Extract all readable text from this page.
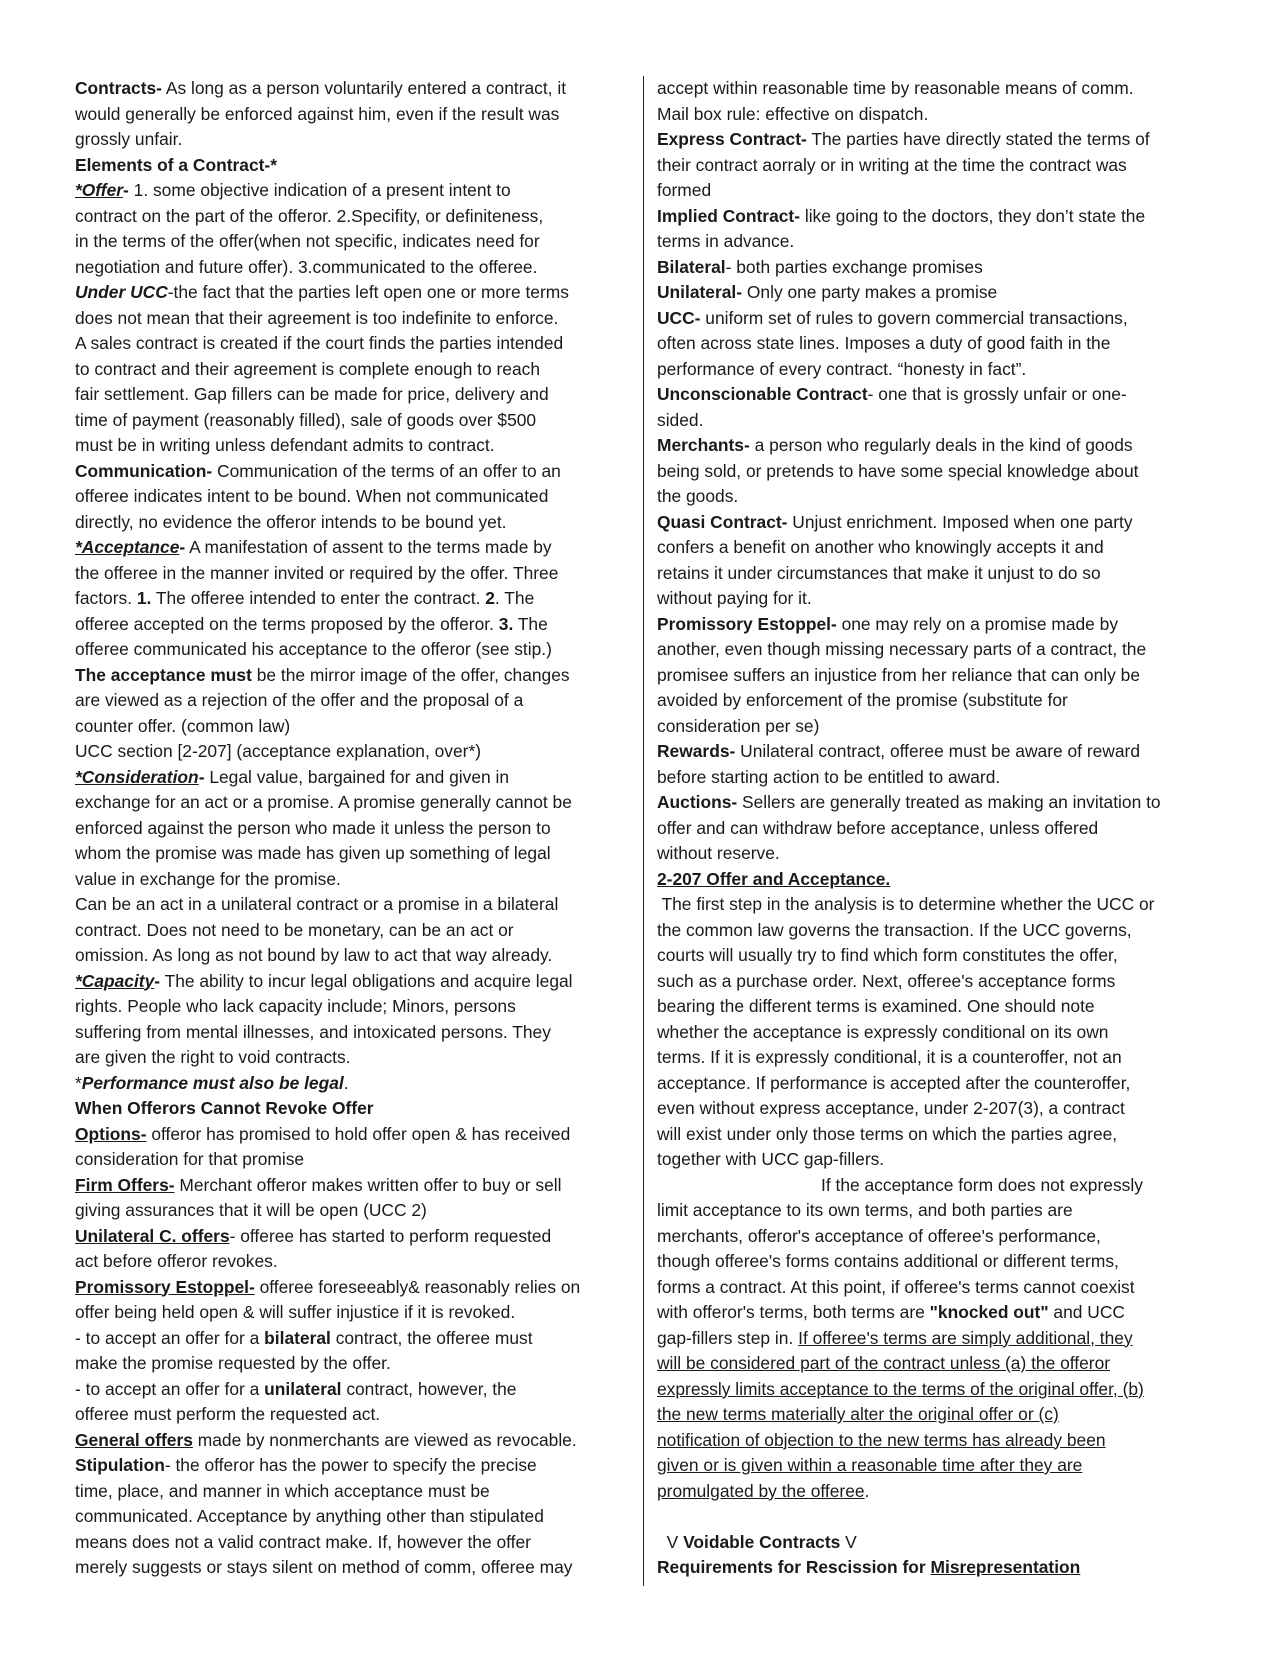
Contracts- As long as a person voluntarily entered a contract, it
would generally be enforced against him, even if the result was
grossly unfair.
Elements of a Contract-*
*Offer- 1. some objective indication of a present intent to
contract on the part of the offeror. 2.Specifity, or definiteness,
in the terms of the offer(when not specific, indicates need for
negotiation and future offer). 3.communicated to the offeree.
Under UCC-the fact that the parties left open one or more terms
does not mean that their agreement is too indefinite to enforce.
A sales contract is created if the court finds the parties intended
to contract and their agreement is complete enough to reach
fair settlement. Gap fillers can be made for price, delivery and
time of payment (reasonably filled), sale of goods over $500
must be in writing unless defendant admits to contract.
Communication- Communication of the terms of an offer to an
offeree indicates intent to be bound. When not communicated
directly, no evidence the offeror intends to be bound yet.
*Acceptance- A manifestation of assent to the terms made by
the offeree in the manner invited or required by the offer. Three
factors. 1. The offeree intended to enter the contract. 2. The
offeree accepted on the terms proposed by the offeror. 3. The
offeree communicated his acceptance to the offeror (see stip.)
The acceptance must be the mirror image of the offer, changes
are viewed as a rejection of the offer and the proposal of a
counter offer. (common law)
UCC section [2-207] (acceptance explanation, over*)
*Consideration- Legal value, bargained for and given in
exchange for an act or a promise. A promise generally cannot be
enforced against the person who made it unless the person to
whom the promise was made has given up something of legal
value in exchange for the promise.
Can be an act in a unilateral contract or a promise in a bilateral
contract. Does not need to be monetary, can be an act or
omission. As long as not bound by law to act that way already.
*Capacity- The ability to incur legal obligations and acquire legal
rights. People who lack capacity include; Minors, persons
suffering from mental illnesses, and intoxicated persons. They
are given the right to void contracts.
*Performance must also be legal.
When Offerors Cannot Revoke Offer
Options- offeror has promised to hold offer open & has received
consideration for that promise
Firm Offers- Merchant offeror makes written offer to buy or sell
giving assurances that it will be open (UCC 2)
Unilateral C. offers- offeree has started to perform requested
act before offeror revokes.
Promissory Estoppel- offeree foreseeably& reasonably relies on
offer being held open & will suffer injustice if it is revoked.
- to accept an offer for a bilateral contract, the offeree must
make the promise requested by the offer.
- to accept an offer for a unilateral contract, however, the
offeree must perform the requested act.
General offers made by nonmerchants are viewed as revocable.
Stipulation- the offeror has the power to specify the precise
time, place, and manner in which acceptance must be
communicated. Acceptance by anything other than stipulated
means does not a valid contract make. If, however the offer
merely suggests or stays silent on method of comm, offeree may
accept within reasonable time by reasonable means of comm.
Mail box rule: effective on dispatch.
Express Contract- The parties have directly stated the terms of
their contract aorraly or in writing at the time the contract was
formed
Implied Contract- like going to the doctors, they don’t state the
terms in advance.
Bilateral- both parties exchange promises
Unilateral- Only one party makes a promise
UCC- uniform set of rules to govern commercial transactions,
often across state lines. Imposes a duty of good faith in the
performance of every contract. “honesty in fact”.
Unconscionable Contract- one that is grossly unfair or one-
sided.
Merchants- a person who regularly deals in the kind of goods
being sold, or pretends to have some special knowledge about
the goods.
Quasi Contract- Unjust enrichment. Imposed when one party
confers a benefit on another who knowingly accepts it and
retains it under circumstances that make it unjust to do so
without paying for it.
Promissory Estoppel- one may rely on a promise made by
another, even though missing necessary parts of a contract, the
promisee suffers an injustice from her reliance that can only be
avoided by enforcement of the promise (substitute for
consideration per se)
Rewards- Unilateral contract, offeree must be aware of reward
before starting action to be entitled to award.
Auctions- Sellers are generally treated as making an invitation to
offer and can withdraw before acceptance, unless offered
without reserve.
2-207 Offer and Acceptance.
The first step in the analysis is to determine whether the UCC or
the common law governs the transaction. If the UCC governs,
courts will usually try to find which form constitutes the offer,
such as a purchase order. Next, offeree's acceptance forms
bearing the different terms is examined. One should note
whether the acceptance is expressly conditional on its own
terms. If it is expressly conditional, it is a counteroffer, not an
acceptance. If performance is accepted after the counteroffer,
even without express acceptance, under 2-207(3), a contract
will exist under only those terms on which the parties agree,
together with UCC gap-fillers.
If the acceptance form does not expressly
limit acceptance to its own terms, and both parties are
merchants, offeror's acceptance of offeree's performance,
though offeree's forms contains additional or different terms,
forms a contract. At this point, if offeree's terms cannot coexist
with offeror's terms, both terms are "knocked out" and UCC
gap-fillers step in. If offeree's terms are simply additional, they
will be considered part of the contract unless (a) the offeror
expressly limits acceptance to the terms of the original offer, (b)
the new terms materially alter the original offer or (c)
notification of objection to the new terms has already been
given or is given within a reasonable time after they are
promulgated by the offeree.
V Voidable Contracts V
Requirements for Rescission for Misrepresentation
